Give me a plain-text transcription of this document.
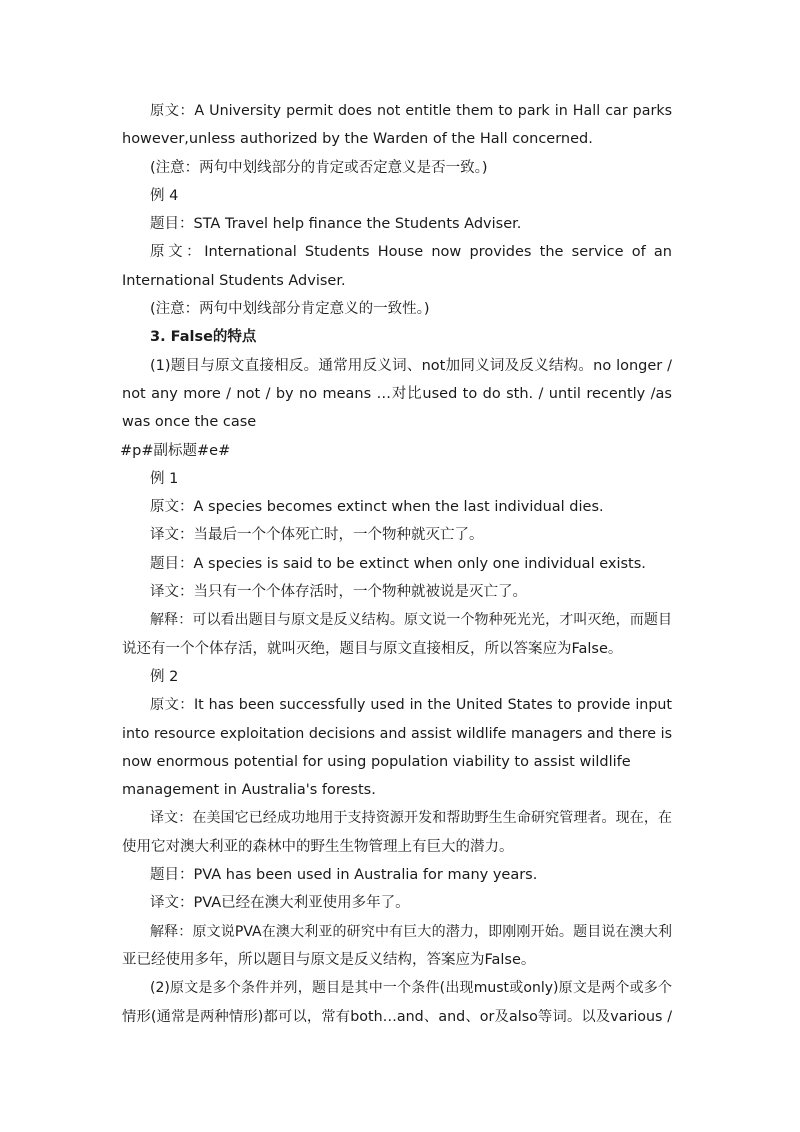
原文：A University permit does not entitle them to park in Hall car parks
however,unless authorized by the Warden of the Hall concerned.
(注意：两句中划线部分的肯定或否定意义是否一致。)
例 4
题目：STA Travel help finance the Students Adviser.
原文：International Students House now provides the service of an
International Students Adviser.
(注意：两句中划线部分肯定意义的一致性。)
3. False的特点
(1)题目与原文直接相反。通常用反义词、not加同义词及反义结构。no longer /
not any more / not / by no means …对比used to do sth. / until recently /as
was once the case
#p#副标题#e#
例 1
原文：A species becomes extinct when the last individual dies.
译文：当最后一个个体死亡时，一个物种就灭亡了。
题目：A species is said to be extinct when only one individual exists.
译文：当只有一个个体存活时，一个物种就被说是灭亡了。
解释：可以看出题目与原文是反义结构。原文说一个物种死光光，才叫灭绝，而题目
说还有一个个体存活，就叫灭绝，题目与原文直接相反，所以答案应为False。
例 2
原文：It has been successfully used in the United States to provide input
into resource exploitation decisions and assist wildlife managers and there is
now enormous potential for using population viability to assist wildlife
management in Australia's forests.
译文：在美国它已经成功地用于支持资源开发和帮助野生生命研究管理者。现在，在
使用它对澳大利亚的森林中的野生生物管理上有巨大的潜力。
题目：PVA has been used in Australia for many years.
译文：PVA已经在澳大利亚使用多年了。
解释：原文说PVA在澳大利亚的研究中有巨大的潜力，即刚刚开始。题目说在澳大利
亚已经使用多年，所以题目与原文是反义结构，答案应为False。
(2)原文是多个条件并列，题目是其中一个条件(出现must或only)原文是两个或多个
情形(通常是两种情形)都可以，常有both…and、and、or及also等词。以及various /
